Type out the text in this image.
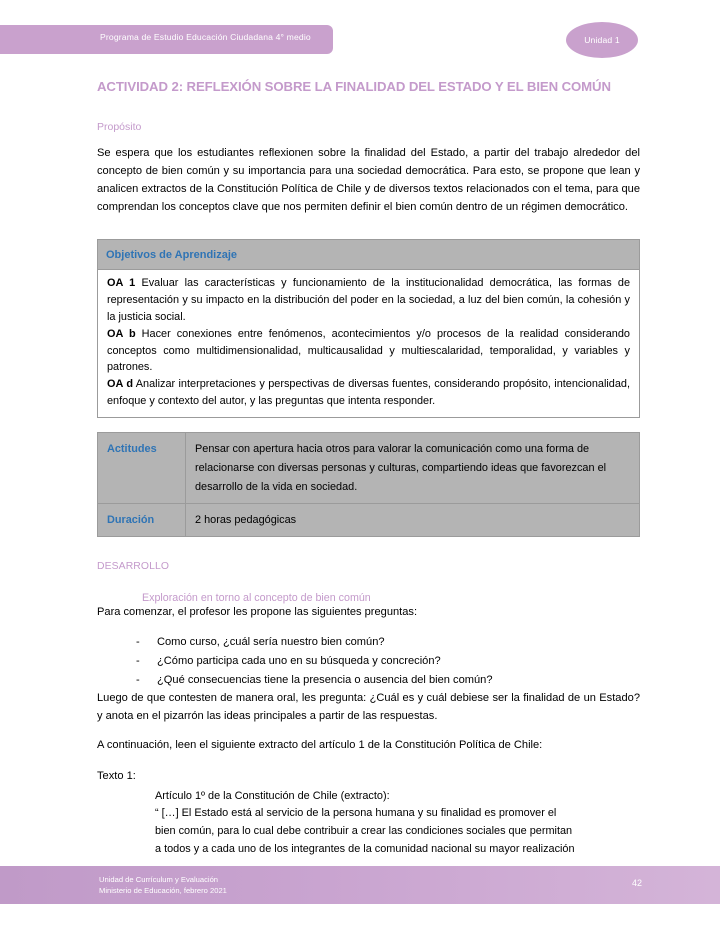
Programa de Estudio Educación Ciudadana 4° medio	Unidad 1
ACTIVIDAD 2: REFLEXIÓN SOBRE LA FINALIDAD DEL ESTADO Y EL BIEN COMÚN
Propósito

Se espera que los estudiantes reflexionen sobre la finalidad del Estado, a partir del trabajo alrededor del concepto de bien común y su importancia para una sociedad democrática. Para esto, se propone que lean y analicen extractos de la Constitución Política de Chile y de diversos textos relacionados con el tema, para que comprendan los conceptos clave que nos permiten definir el bien común dentro de un régimen democrático.

Objetivos de Aprendizaje

OA 1 Evaluar las características y funcionamiento de la institucionalidad democrática, las formas de representación y su impacto en la distribución del poder en la sociedad, a luz del bien común, la cohesión y la justicia social.

OA b Hacer conexiones entre fenómenos, acontecimientos y/o procesos de la realidad considerando conceptos como multidimensionalidad, multicausalidad y multiescalaridad, temporalidad, y variables y patrones.

OA d Analizar interpretaciones y perspectivas de diversas fuentes, considerando propósito, intencionalidad, enfoque y contexto del autor, y las preguntas que intenta responder.

Actitudes	Pensar con apertura hacia otros para valorar la comunicación como una forma de relacionarse con diversas personas y culturas, compartiendo ideas que favorezcan el desarrollo de la vida en sociedad.
Duración	2 horas pedagógicas
DESARROLLO
Exploración en torno al concepto de bien común

Para comenzar, el profesor les propone las siguientes preguntas:

- Como curso, ¿cuál sería nuestro bien común?
- ¿Cómo participa cada uno en su búsqueda y concreción?
- ¿Qué consecuencias tiene la presencia o ausencia del bien común?

Luego de que contesten de manera oral, les pregunta: ¿Cuál es y cuál debiese ser la finalidad de un Estado? y anota en el pizarrón las ideas principales a partir de las respuestas.

A continuación, leen el siguiente extracto del artículo 1 de la Constitución Política de Chile:

Texto 1:
Artículo 1º de la Constitución de Chile (extracto):
“ […] El Estado está al servicio de la persona humana y su finalidad es promover el
bien común, para lo cual debe contribuir a crear las condiciones sociales que permitan
a todos y a cada uno de los integrantes de la comunidad nacional su mayor realización
Unidad de Currículum y Evaluación
Ministerio de Educación, febrero 2021
42
